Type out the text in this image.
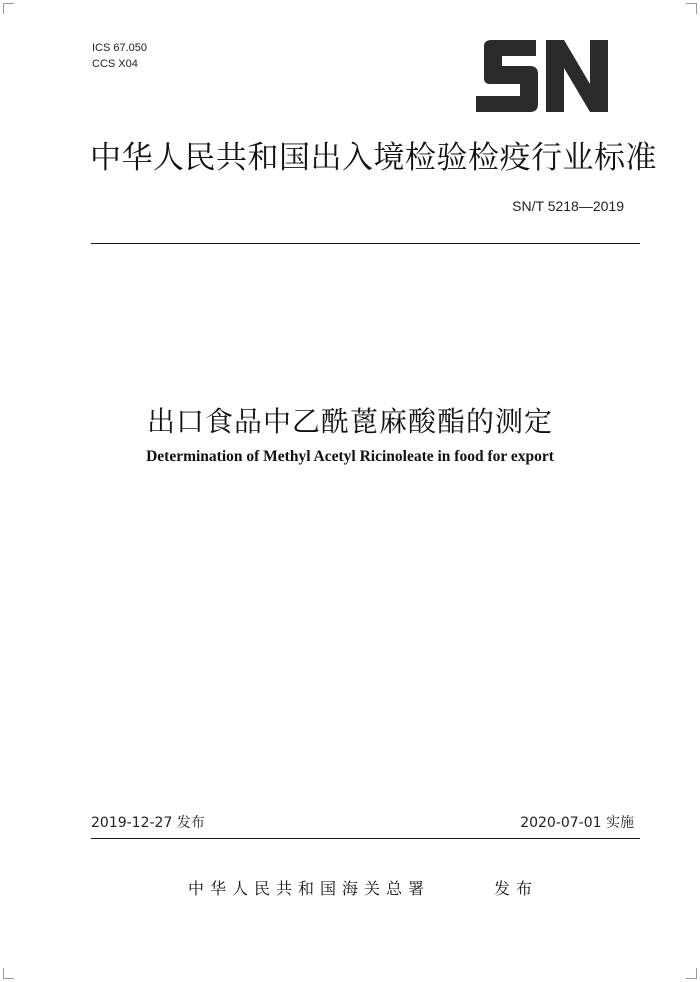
ICS 67.050
CCS X04
中华人民共和国出入境检验检疫行业标准
SN/T 5218—2019
出口食品中乙酰蓖麻酸酯的测定
Determination of Methyl Acetyl Ricinoleate in food for export
2019-12-27 发布	2020-07-01 实施
中华人民共和国海关总署	发布
